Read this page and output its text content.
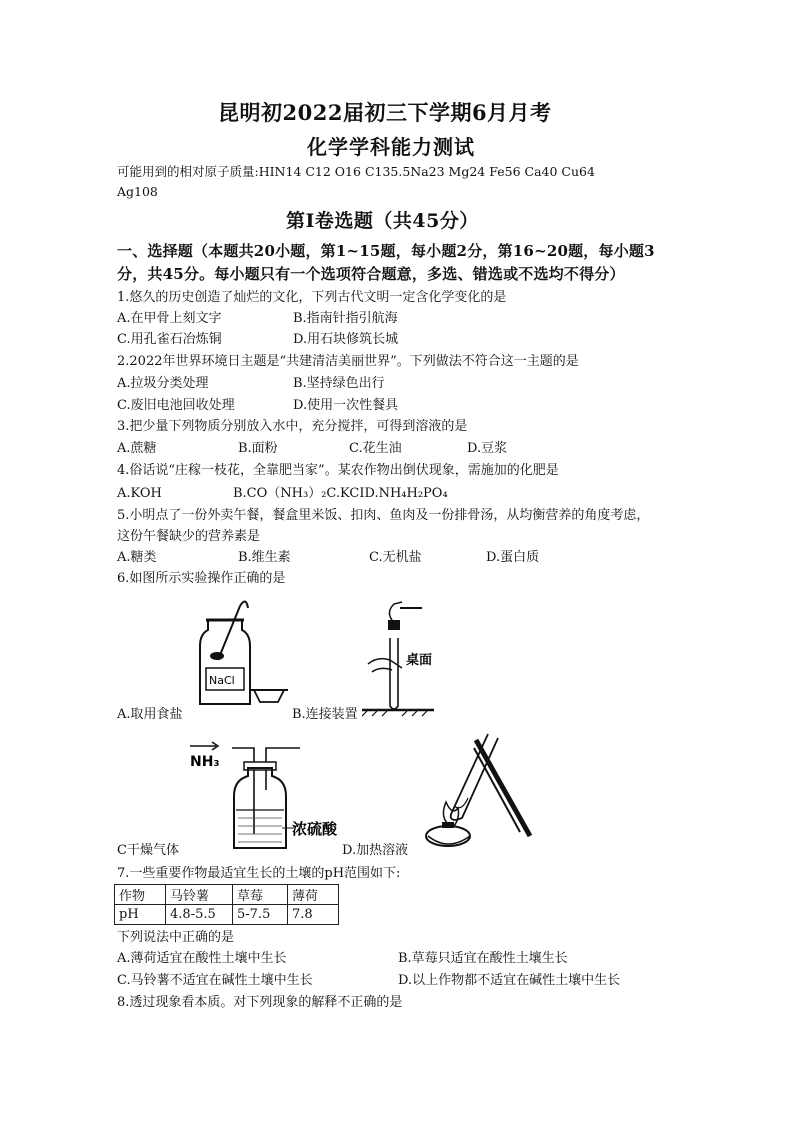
昆明初2022届初三下学期6月月考
化学学科能力测试
可能用到的相对原子质量:HIN14 C12 O16 C135.5Na23 Mg24 Fe56 Ca40 Cu64
Ag108
第I卷选题（共45分）
一、选择题（本题共20小题，第1~15题，每小题2分，第16~20题，每小题3
分，共45分。每小题只有一个选项符合题意，多选、错选或不选均不得分）
1.悠久的历史创造了灿烂的文化，下列古代文明一定含化学变化的是
A.在甲骨上刻文字	B.指南针指引航海
C.用孔雀石冶炼铜	D.用石块修筑长城
2.2022年世界环境日主题是“共建清洁美丽世界”。下列做法不符合这一主题的是
A.拉圾分类处理	B.坚持绿色出行
C.废旧电池回收处理	D.使用一次性餐具
3.把少量下列物质分别放入水中，充分搅拌，可得到溶液的是
A.蔗糖	B.面粉	C.花生油	D.豆浆
4.俗话说“庄稼一枝花，全靠肥当家”。某农作物出倒伏现象，需施加的化肥是
A.KOH	B.CO（NH₃）₂C.KCID.NH₄H₂PO₄
5.小明点了一份外卖午餐，餐盒里米饭、扣肉、鱼肉及一份排骨汤，从均衡营养的角度考虑，
这份午餐缺少的营养素是
A.糖类	B.维生素	C.无机盐	D.蛋白质
6.如图所示实验操作正确的是
NaCl
A.取用食盐
桌面
B.连接装置
NH₃
浓硫酸
C干燥气体	D.加热溶液
7.一些重要作物最适宜生长的土壤的pH范围如下:
作物	马铃薯	草莓	薄荷
pH	4.8-5.5	5-7.5	7.8
下列说法中正确的是
A.薄荷适宜在酸性土壤中生长	B.草莓只适宜在酸性土壤生长
C.马铃薯不适宜在碱性土壤中生长	D.以上作物都不适宜在碱性土壤中生长
8.透过现象看本质。对下列现象的解释不正确的是
